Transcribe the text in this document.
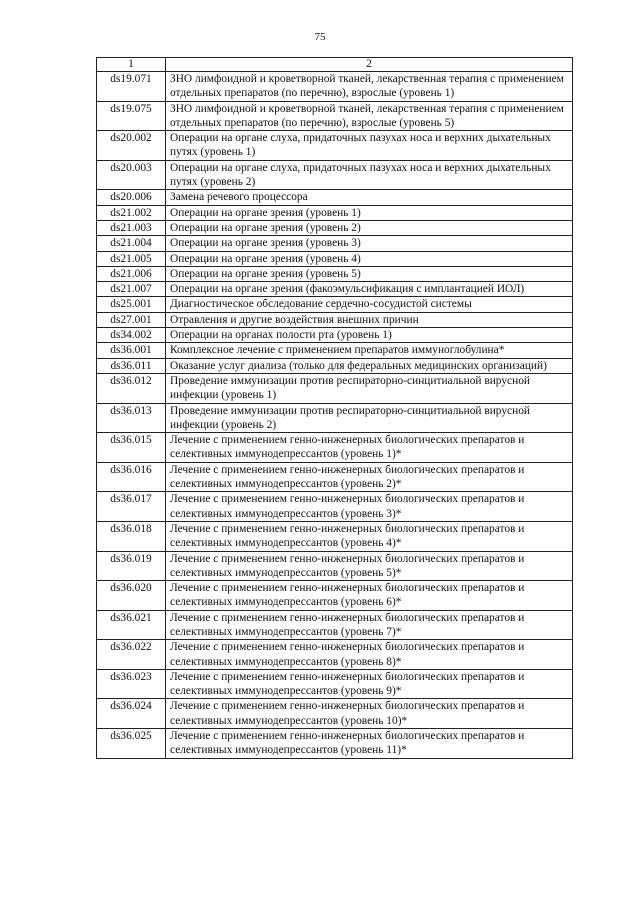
75
1	2
ds19.071	ЗНО лимфоидной и кроветворной тканей, лекарственная терапия с применением отдельных препаратов (по перечню), взрослые (уровень 1)
ds19.075	ЗНО лимфоидной и кроветворной тканей, лекарственная терапия с применением отдельных препаратов (по перечню), взрослые (уровень 5)
ds20.002	Операции на органе слуха, придаточных пазухах носа и верхних дыхательных путях (уровень 1)
ds20.003	Операции на органе слуха, придаточных пазухах носа и верхних дыхательных путях (уровень 2)
ds20.006	Замена речевого процессора
ds21.002	Операции на органе зрения (уровень 1)
ds21.003	Операции на органе зрения (уровень 2)
ds21.004	Операции на органе зрения (уровень 3)
ds21.005	Операции на органе зрения (уровень 4)
ds21.006	Операции на органе зрения (уровень 5)
ds21.007	Операции на органе зрения (факоэмульсификация с имплантацией ИОЛ)
ds25.001	Диагностическое обследование сердечно-сосудистой системы
ds27.001	Отравления и другие воздействия внешних причин
ds34.002	Операции на органах полости рта (уровень 1)
ds36.001	Комплексное лечение с применением препаратов иммуноглобулина*
ds36.011	Оказание услуг диализа (только для федеральных медицинских организаций)
ds36.012	Проведение иммунизации против респираторно-синцитиальной вирусной инфекции (уровень 1)
ds36.013	Проведение иммунизации против респираторно-синцитиальной вирусной инфекции (уровень 2)
ds36.015	Лечение с применением генно-инженерных биологических препаратов и селективных иммунодепрессантов (уровень 1)*
ds36.016	Лечение с применением генно-инженерных биологических препаратов и селективных иммунодепрессантов (уровень 2)*
ds36.017	Лечение с применением генно-инженерных биологических препаратов и селективных иммунодепрессантов (уровень 3)*
ds36.018	Лечение с применением генно-инженерных биологических препаратов и селективных иммунодепрессантов (уровень 4)*
ds36.019	Лечение с применением генно-инженерных биологических препаратов и селективных иммунодепрессантов (уровень 5)*
ds36.020	Лечение с применением генно-инженерных биологических препаратов и селективных иммунодепрессантов (уровень 6)*
ds36.021	Лечение с применением генно-инженерных биологических препаратов и селективных иммунодепрессантов (уровень 7)*
ds36.022	Лечение с применением генно-инженерных биологических препаратов и селективных иммунодепрессантов (уровень 8)*
ds36.023	Лечение с применением генно-инженерных биологических препаратов и селективных иммунодепрессантов (уровень 9)*
ds36.024	Лечение с применением генно-инженерных биологических препаратов и селективных иммунодепрессантов (уровень 10)*
ds36.025	Лечение с применением генно-инженерных биологических препаратов и селективных иммунодепрессантов (уровень 11)*
